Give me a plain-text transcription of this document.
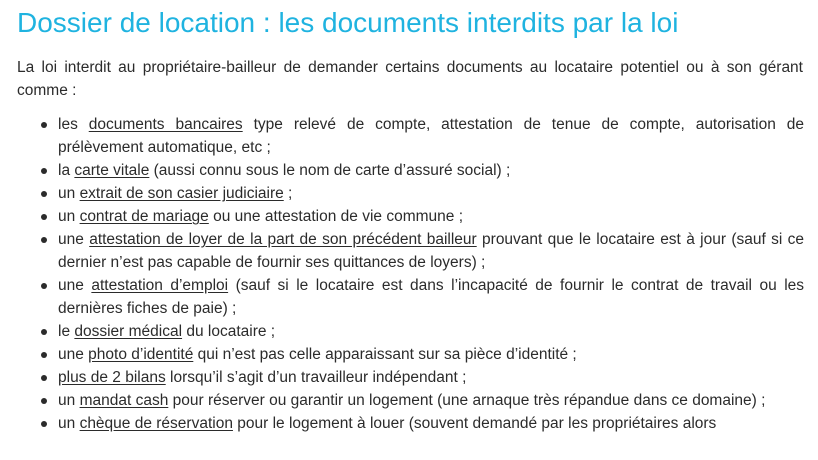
Dossier de location : les documents interdits par la loi

La loi interdit au propriétaire-bailleur de demander certains documents au locataire potentiel ou à son gérant comme :

les documents bancaires type relevé de compte, attestation de tenue de compte, autorisation de prélèvement automatique, etc ;
la carte vitale (aussi connu sous le nom de carte d’assuré social) ;
un extrait de son casier judiciaire ;
un contrat de mariage ou une attestation de vie commune ;
une attestation de loyer de la part de son précédent bailleur prouvant que le locataire est à jour (sauf si ce dernier n’est pas capable de fournir ses quittances de loyers) ;
une attestation d’emploi (sauf si le locataire est dans l’incapacité de fournir le contrat de travail ou les dernières fiches de paie) ;
le dossier médical du locataire ;
une photo d’identité qui n’est pas celle apparaissant sur sa pièce d’identité ;
plus de 2 bilans lorsqu’il s’agit d’un travailleur indépendant ;
un mandat cash pour réserver ou garantir un logement (une arnaque très répandue dans ce domaine) ;
un chèque de réservation pour le logement à louer (souvent demandé par les propriétaires alors
